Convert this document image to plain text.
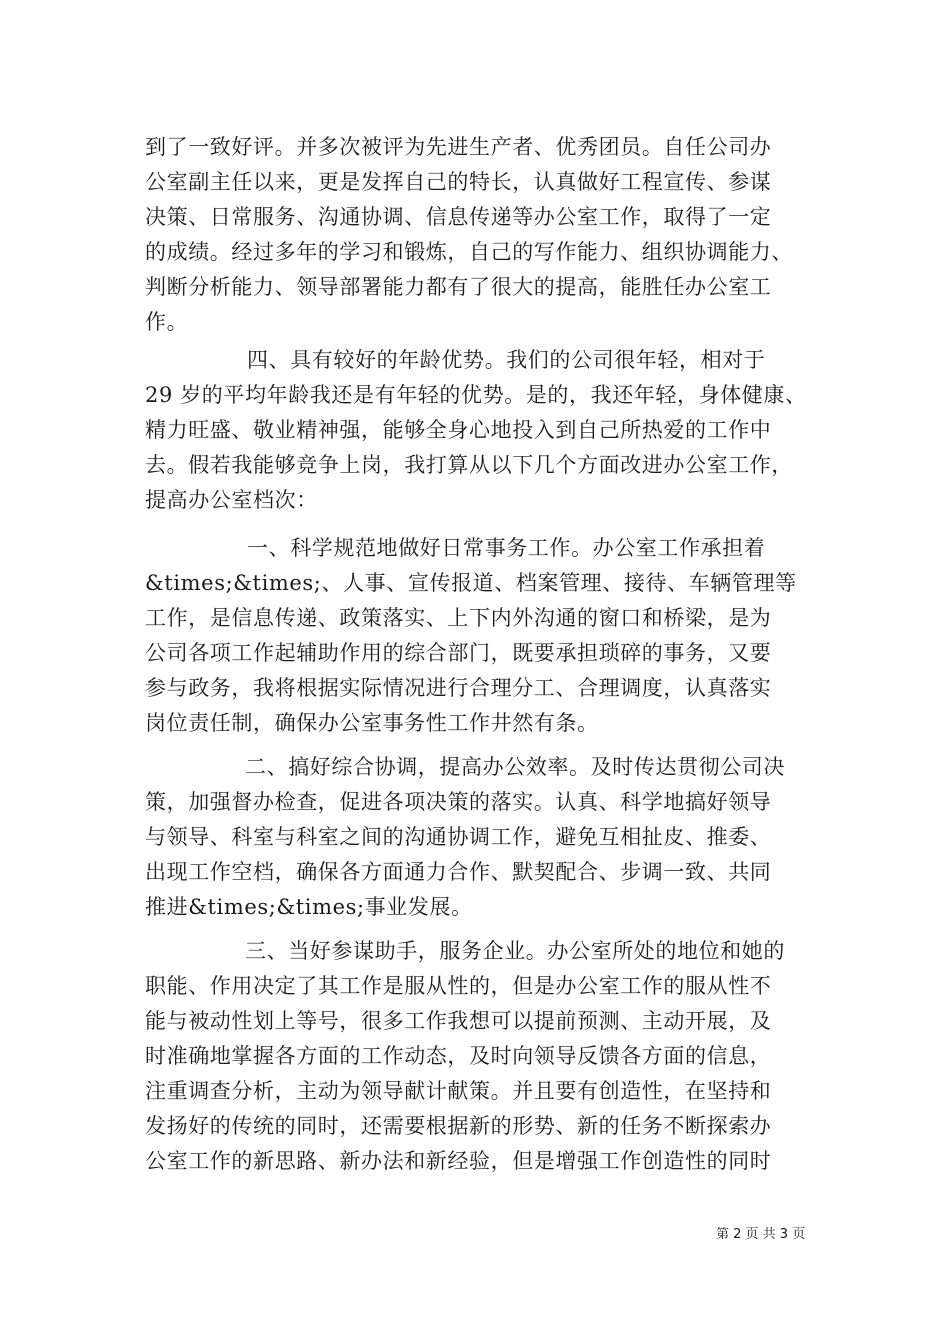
到了一致好评。并多次被评为先进生产者、优秀团员。自任公司办
公室副主任以来，更是发挥自己的特长，认真做好工程宣传、参谋
决策、日常服务、沟通协调、信息传递等办公室工作，取得了一定
的成绩。经过多年的学习和锻炼，自己的写作能力、组织协调能力、
判断分析能力、领导部署能力都有了很大的提高，能胜任办公室工
作。
四、具有较好的年龄优势。我们的公司很年轻，相对于
29 岁的平均年龄我还是有年轻的优势。是的，我还年轻，身体健康、
精力旺盛、敬业精神强，能够全身心地投入到自己所热爱的工作中
去。假若我能够竞争上岗，我打算从以下几个方面改进办公室工作，
提高办公室档次：
一、科学规范地做好日常事务工作。办公室工作承担着
&times;&times;、人事、宣传报道、档案管理、接待、车辆管理等
工作，是信息传递、政策落实、上下内外沟通的窗口和桥梁，是为
公司各项工作起辅助作用的综合部门，既要承担琐碎的事务，又要
参与政务，我将根据实际情况进行合理分工、合理调度，认真落实
岗位责任制，确保办公室事务性工作井然有条。
二、搞好综合协调，提高办公效率。及时传达贯彻公司决
策，加强督办检查，促进各项决策的落实。认真、科学地搞好领导
与领导、科室与科室之间的沟通协调工作，避免互相扯皮、推委、
出现工作空档，确保各方面通力合作、默契配合、步调一致、共同
推进&times;&times;事业发展。
三、当好参谋助手，服务企业。办公室所处的地位和她的
职能、作用决定了其工作是服从性的，但是办公室工作的服从性不
能与被动性划上等号，很多工作我想可以提前预测、主动开展，及
时准确地掌握各方面的工作动态，及时向领导反馈各方面的信息，
注重调查分析，主动为领导献计献策。并且要有创造性，在坚持和
发扬好的传统的同时，还需要根据新的形势、新的任务不断探索办
公室工作的新思路、新办法和新经验，但是增强工作创造性的同时
第 2 页 共 3 页
